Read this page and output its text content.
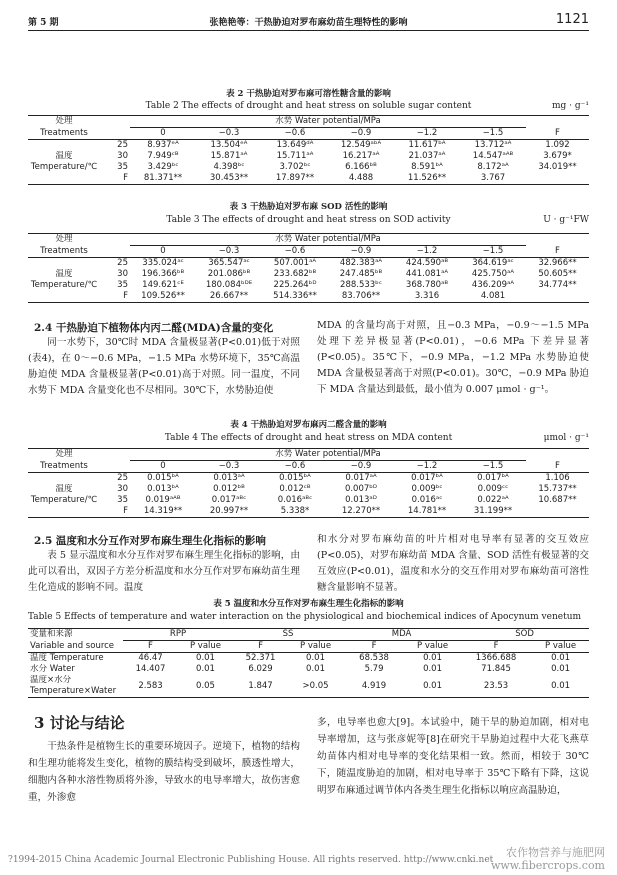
第 5 期	张艳艳等：干热胁迫对罗布麻幼苗生理特性的影响	1121
表 2 干热胁迫对罗布麻可溶性糖含量的影响
Table 2 The effects of drought and heat stress on soluble sugar content	mg · g⁻¹
处理		水势 Water potential/MPa						
Treatments		0	−0.3	−0.6	−0.9	−1.2	−1.5	F
	25	8.937ᵉᴬ	13.504ᵉᴬ	13.649ᵈᴬ	12.549ᵃᵇᴬ	11.617ᵇᴬ	13.712ᵃᴬ	1.092
温度	30	7.949ᶜᴮ	15.871ᵃᴬ	15.711ᵃᴬ	16.217ᵃᴬ	21.037ᵃᴬ	14.547ᵃᴬᴮ	3.679*
Temperature/℃	35	3.429ᵇᶜ	4.398ᵇᶜ	3.702ᵇᶜ	6.166ᵇᴮ	8.591ᵇᴬ	8.172ᵃᴬ	34.019**
	F	81.371**	30.453**	17.897**	4.488	11.526**	3.767	
表 3 干热胁迫对罗布麻 SOD 活性的影响
Table 3 The effects of drought and heat stress on SOD activity	U · g⁻¹FW
处理		水势 Water potential/MPa						
Treatments		0	−0.3	−0.6	−0.9	−1.2	−1.5	F
	25	335.024ᵃᶜ	365.547ᵃᶜ	507.001ᵃᴬ	482.383ᵃᴬ	424.590ᵃᴮ	364.619ᵃᶜ	32.966**
温度	30	196.366ᵇᴮ	201.086ᵇᴮ	233.682ᵇᴮ	247.485ᵇᴮ	441.081ᵃᴬ	425.750ᵃᴬ	50.605**
Temperature/℃	35	149.621ᶜᴱ	180.084ᵇᴰᴱ	225.264ᵇᴰ	288.533ᵇᶜ	368.780ᵃᴮ	436.209ᵃᴬ	34.774**
	F	109.526**	26.667**	514.336**	83.706**	3.316	4.081	
2.4 干热胁迫下植物体内丙二醛(MDA)含量的变化
同一水势下，30℃时 MDA 含量极显著(P<0.01)低于对照(表4)，在 0～−0.6 MPa，−1.5 MPa 水势环境下，35℃高温胁迫使 MDA 含量极显著(P<0.01)高于对照。同一温度，不同水势下 MDA 含量变化也不尽相同。30℃下，水势胁迫使
MDA 的含量均高于对照，且−0.3 MPa，−0.9～−1.5 MPa 处理下差异极显著(P<0.01)，−0.6 MPa 下差异显著(P<0.05)。35℃下，−0.9 MPa，−1.2 MPa 水势胁迫使 MDA 含量极显著高于对照(P<0.01)。30℃，−0.9 MPa 胁迫下 MDA 含量达到最低，最小值为 0.007 μmol · g⁻¹。
表 4 干热胁迫对罗布麻丙二醛含量的影响
Table 4 The effects of drought and heat stress on MDA content	μmol · g⁻¹
处理		水势 Water potential/MPa						
Treatments		0	−0.3	−0.6	−0.9	−1.2	−1.5	F
	25	0.015ᵇᴬ	0.013ᵃᴬ	0.015ᵇᴬ	0.017ᵃᴬ	0.017ᵇᴬ	0.017ᵇᴬ	1.106
温度	30	0.013ᵇᴬ	0.012ᵇᴮ	0.012ᶜᴮ	0.007ᵇᴰ	0.009ᵇᶜ	0.009ᶜᶜ	15.737**
Temperature/℃	35	0.019ᵃᴬᴮ	0.017ᵃᴮᶜ	0.016ᵃᴮᶜ	0.013ᵃᴰ	0.016ᵃᶜ	0.022ᵃᴬ	10.687**
	F	14.319**	20.997**	5.338*	12.270**	14.781**	31.199**	
2.5 温度和水分互作对罗布麻生理生化指标的影响
表 5 显示温度和水分互作对罗布麻生理生化指标的影响，由此可以看出，双因子方差分析温度和水分互作对罗布麻幼苗生理生化造成的影响不同。温度
和水分对罗布麻幼苗的叶片相对电导率有显著的交互效应(P<0.05)，对罗布麻幼苗 MDA 含量、SOD 活性有极显著的交互效应(P<0.01)，温度和水分的交互作用对罗布麻幼苗可溶性糖含量影响不显著。
表 5 温度和水分互作对罗布麻生理生化指标的影响
Table 5 Effects of temperature and water interaction on the physiological and biochemical indices of Apocynum venetum
变量和来源	RPP		SS		MDA		SOD	
Variable and source	F	P value	F	P value	F	P value	F	P value
温度 Temperature	46.47	0.01	52.371	0.01	68.538	0.01	1366.688	0.01
水分 Water	14.407	0.01	6.029	0.01	5.79	0.01	71.845	0.01
温度×水分 Temperature×Water	2.583	0.05	1.847	>0.05	4.919	0.01	23.53	0.01
3 讨论与结论
干热条件是植物生长的重要环境因子。逆境下，植物的结构和生理功能将发生变化，植物的膜结构受到破坏，膜透性增大，细胞内各种水溶性物质将外渗，导致水的电导率增大，故伤害愈重，外渗愈
多，电导率也愈大[9]。本试验中，随干旱的胁迫加剧，相对电导率增加，这与张彦妮等[8]在研究干旱胁迫过程中大花飞燕草幼苗体内相对电导率的变化结果相一致。然而，相较于 30℃下，随温度胁迫的加剧，相对电导率于 35℃下略有下降，这说明罗布麻通过调节体内各类生理生化指标以响应高温胁迫，
?1994-2015 China Academic Journal Electronic Publishing House. All rights reserved. http://www.cnki.net
农作物营养与施肥网
www.fibercrops.com
